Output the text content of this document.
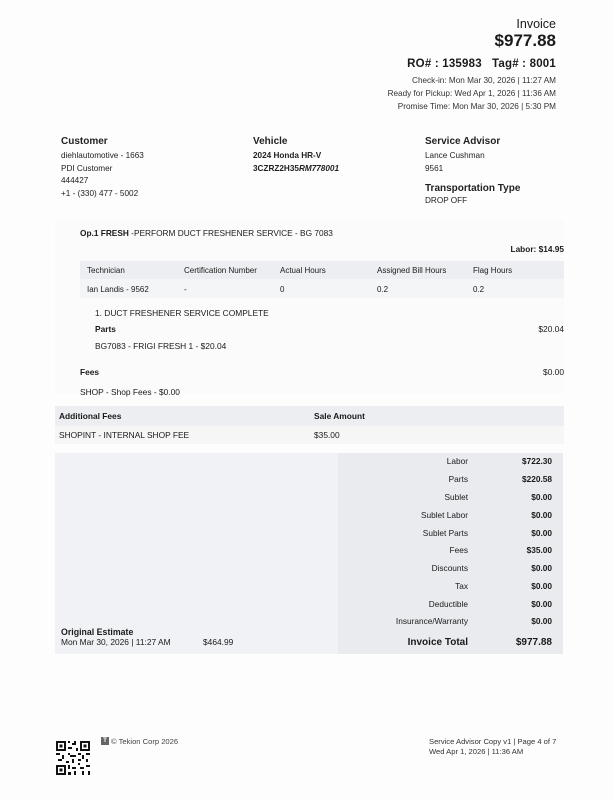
Invoice
$977.88
RO# : 135983 Tag# : 8001
Check-in: Mon Mar 30, 2026 | 11:27 AM
Ready for Pickup: Wed Apr 1, 2026 | 11:36 AM
Promise Time: Mon Mar 30, 2026 | 5:30 PM
Customer
diehlautomotive - 1663
PDI Customer
444427
+1 - (330) 477 - 5002
Vehicle
2024 Honda HR-V
3CZRZ2H35RM778001
Service Advisor
Lance Cushman
9561
Transportation Type
DROP OFF
Op.1 FRESH -PERFORM DUCT FRESHENER SERVICE - BG 7083
Labor: $14.95
Technician	Certification Number	Actual Hours	Assigned Bill Hours	Flag Hours
Ian Landis - 9562	-	0	0.2	0.2
1. DUCT FRESHENER SERVICE COMPLETE
Parts	$20.04
BG7083 - FRIGI FRESH 1 - $20.04
Fees	$0.00
SHOP - Shop Fees - $0.00
Additional Fees	Sale Amount
SHOPINT - INTERNAL SHOP FEE	$35.00
Labor	$722.30
Parts	$220.58
Sublet	$0.00
Sublet Labor	$0.00
Sublet Parts	$0.00
Fees	$35.00
Discounts	$0.00
Tax	$0.00
Deductible	$0.00
Insurance/Warranty	$0.00
Invoice Total	$977.88
Original Estimate
Mon Mar 30, 2026 | 11:27 AM	$464.99
T © Tekion Corp 2026	Service Advisor Copy v1 | Page 4 of 7
Wed Apr 1, 2026 | 11:36 AM
